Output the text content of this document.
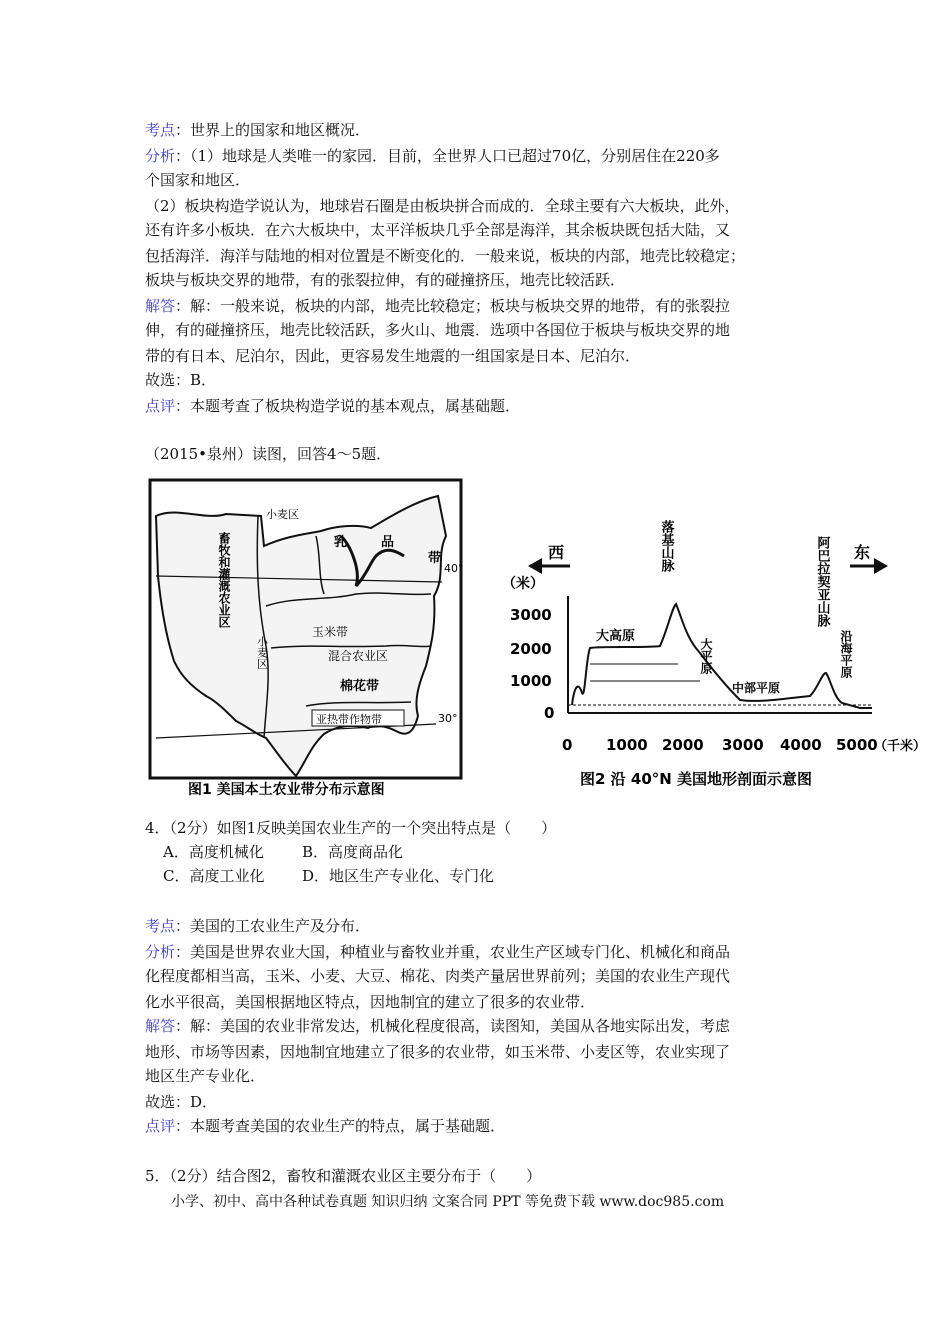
考点：世界上的国家和地区概况．
分析：（1）地球是人类唯一的家园．目前，全世界人口已超过70亿，分别居住在220多
个国家和地区．
（2）板块构造学说认为，地球岩石圈是由板块拼合而成的．全球主要有六大板块，此外，
还有许多小板块．在六大板块中，太平洋板块几乎全部是海洋，其余板块既包括大陆，又
包括海洋．海洋与陆地的相对位置是不断变化的．一般来说，板块的内部，地壳比较稳定；
板块与板块交界的地带，有的张裂拉伸，有的碰撞挤压，地壳比较活跃．
解答：解：一般来说，板块的内部，地壳比较稳定；板块与板块交界的地带，有的张裂拉
伸，有的碰撞挤压，地壳比较活跃，多火山、地震．选项中各国位于板块与板块交界的地
带的有日本、尼泊尔，因此，更容易发生地震的一组国家是日本、尼泊尔．
故选：B．
点评：本题考查了板块构造学说的基本观点，属基础题．
（2015•泉州）读图，回答4～5题．
畜牧和灌溉农业区
小麦区
乳	品
带
玉米带
小麦区	混合农业区
棉花带
亚热带作物带
40°
30°
图1 美国本土农业带分布示意图
西	东
（米）
3000
2000
1000
0
0 1000 2000 3000 4000 5000
（千米）
落基山脉
大高原
大平原
中部平原
阿巴拉契亚山脉
沿海平原
图2 沿 40°N 美国地形剖面示意图
4．（2分）如图1反映美国农业生产的一个突出特点是（　　）
A．高度机械化	B．高度商品化
C．高度工业化	D．地区生产专业化、专门化
考点：美国的工农业生产及分布．
分析：美国是世界农业大国，种植业与畜牧业并重，农业生产区域专门化、机械化和商品
化程度都相当高，玉米、小麦、大豆、棉花、肉类产量居世界前列；美国的农业生产现代
化水平很高，美国根据地区特点，因地制宜的建立了很多的农业带．
解答：解：美国的农业非常发达，机械化程度很高，读图知，美国从各地实际出发，考虑
地形、市场等因素，因地制宜地建立了很多的农业带，如玉米带、小麦区等，农业实现了
地区生产专业化．
故选：D．
点评：本题考查美国的农业生产的特点，属于基础题．
5．（2分）结合图2，畜牧和灌溉农业区主要分布于（　　）
小学、初中、高中各种试卷真题 知识归纳 文案合同 PPT 等免费下载 www.doc985.com
